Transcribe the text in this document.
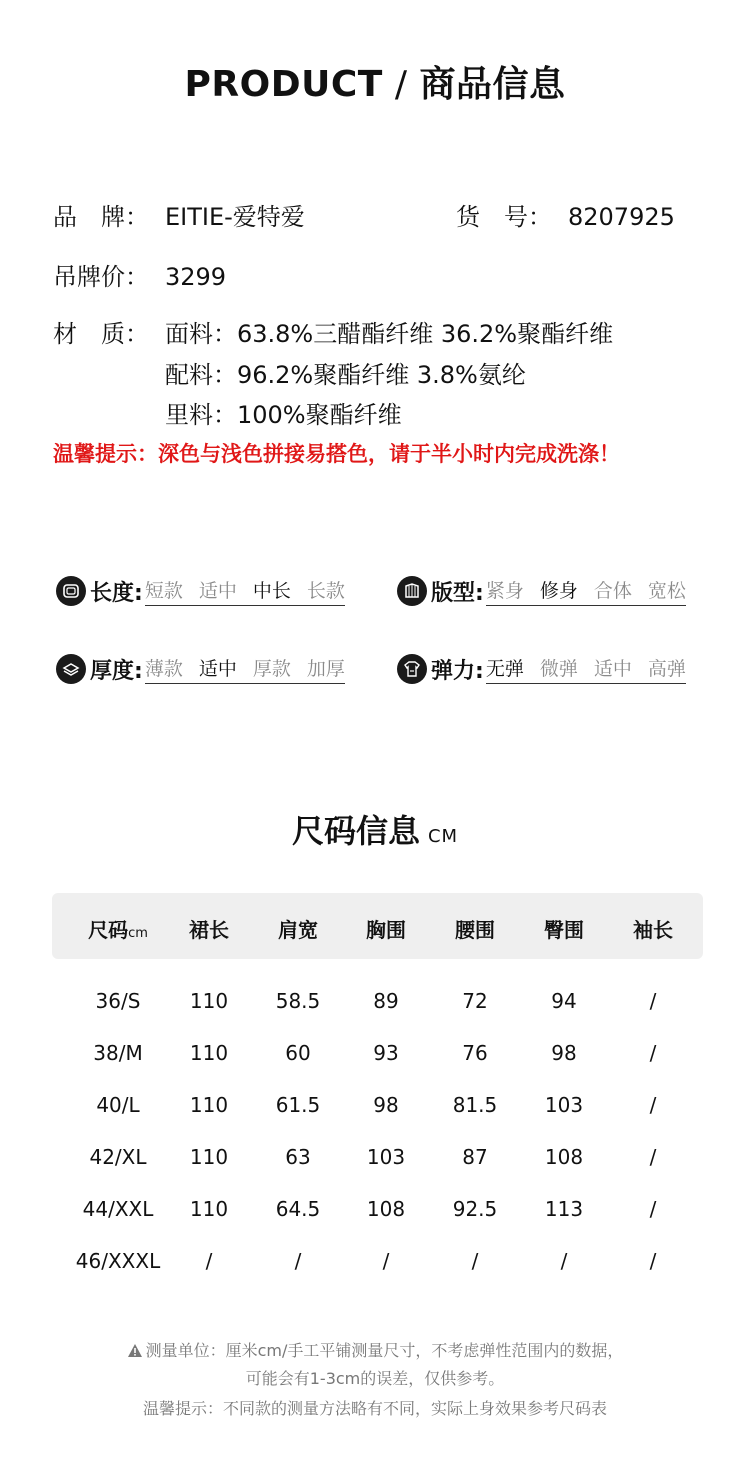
PRODUCT / 商品信息
品　牌： EITIE-爱特爱	货　号： 8207925
吊牌价： 3299
材　质： 面料：63.8%三醋酯纤维 36.2%聚酯纤维
配料：96.2%聚酯纤维 3.8%氨纶
里料：100%聚酯纤维
温馨提示：深色与浅色拼接易搭色，请于半小时内完成洗涤！
长度: 短款 适中 中长 长款	版型: 紧身 修身 合体 宽松
厚度: 薄款 适中 厚款 加厚	弹力: 无弹 微弹 适中 高弹
尺码信息 CM
尺码cm	裙长	肩宽	胸围	腰围	臀围	袖长
36/S	110	58.5	89	72	94	/
38/M	110	60	93	76	98	/
40/L	110	61.5	98	81.5	103	/
42/XL	110	63	103	87	108	/
44/XXL	110	64.5	108	92.5	113	/
46/XXXL	/	/	/	/	/	/
测量单位：厘米cm/手工平铺测量尺寸，不考虑弹性范围内的数据，
可能会有1-3cm的误差，仅供参考。
温馨提示：不同款的测量方法略有不同，实际上身效果参考尺码表
